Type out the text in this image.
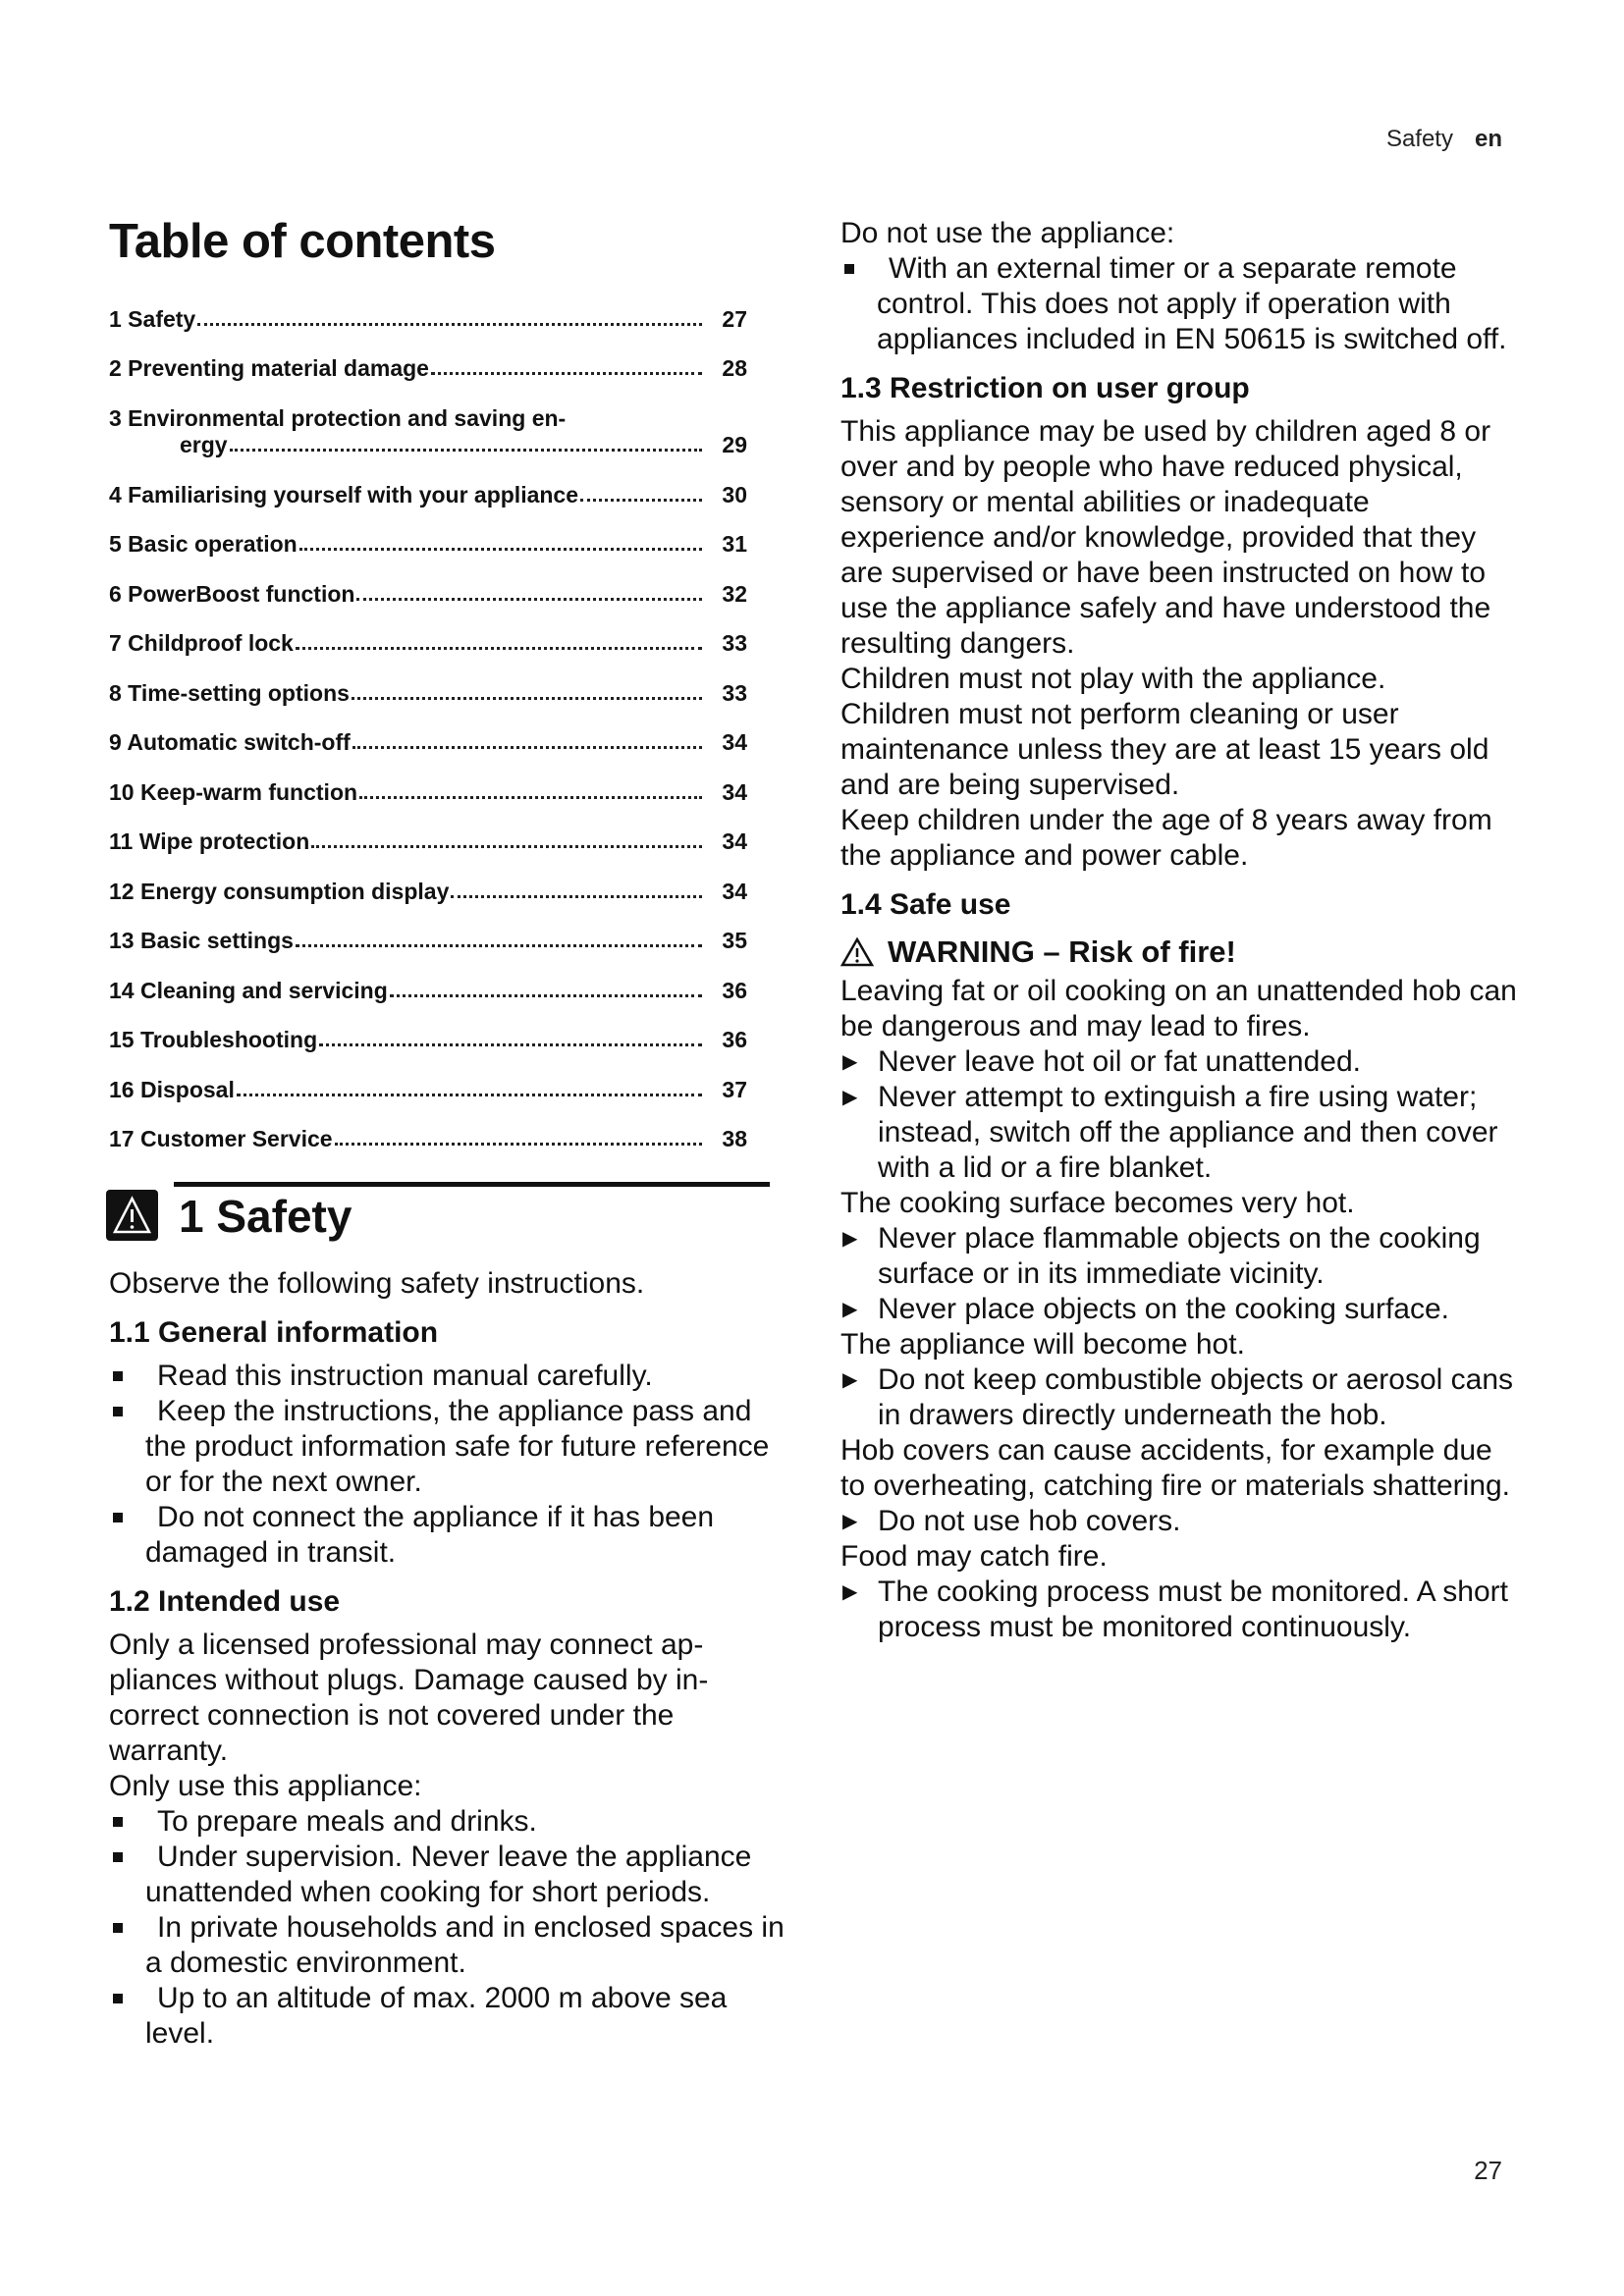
Safety en
Table of contents
1 Safety	27
2 Preventing material damage	28
3 Environmental protection and saving en-
ergy	29
4 Familiarising yourself with your appliance	30
5 Basic operation	31
6 PowerBoost function	32
7 Childproof lock	33
8 Time-setting options	33
9 Automatic switch-off	34
10 Keep-warm function	34
11 Wipe protection	34
12 Energy consumption display	34
13 Basic settings	35
14 Cleaning and servicing	36
15 Troubleshooting	36
16 Disposal	37
17 Customer Service	38
1 Safety

Observe the following safety instructions.

1.1 General information
Read this instruction manual carefully.
Keep the instructions, the appliance pass and the product information safe for future reference or for the next owner.
Do not connect the appliance if it has been damaged in transit.
1.2 Intended use

Only a licensed professional may connect appliances without plugs. Damage caused by incorrect connection is not covered under the warranty.

Only use this appliance:

To prepare meals and drinks.
Under supervision. Never leave the appliance unattended when cooking for short periods.
In private households and in enclosed spaces in a domestic environment.
Up to an altitude of max. 2000 m above sea level.

Do not use the appliance:

With an external timer or a separate remote control. This does not apply if operation with appliances included in EN 50615 is switched off.
1.3 Restriction on user group

This appliance may be used by children aged 8 or over and by people who have reduced physical, sensory or mental abilities or inadequate experience and/or knowledge, provided that they are supervised or have been instructed on how to use the appliance safely and have understood the resulting dangers.

Children must not play with the appliance.

Children must not perform cleaning or user maintenance unless they are at least 15 years old and are being supervised.

Keep children under the age of 8 years away from the appliance and power cable.

1.4 Safe use
WARNING – Risk of fire!

Leaving fat or oil cooking on an unattended hob can be dangerous and may lead to fires.

▶ Never leave hot oil or fat unattended.
▶ Never attempt to extinguish a fire using water; instead, switch off the appliance and then cover with a lid or a fire blanket.

The cooking surface becomes very hot.

▶ Never place flammable objects on the cooking surface or in its immediate vicinity.
▶ Never place objects on the cooking surface.

The appliance will become hot.

▶ Do not keep combustible objects or aerosol cans in drawers directly underneath the hob.

Hob covers can cause accidents, for example due to overheating, catching fire or materials shattering.

▶ Do not use hob covers.

Food may catch fire.

▶ The cooking process must be monitored. A short process must be monitored continuously.
27
